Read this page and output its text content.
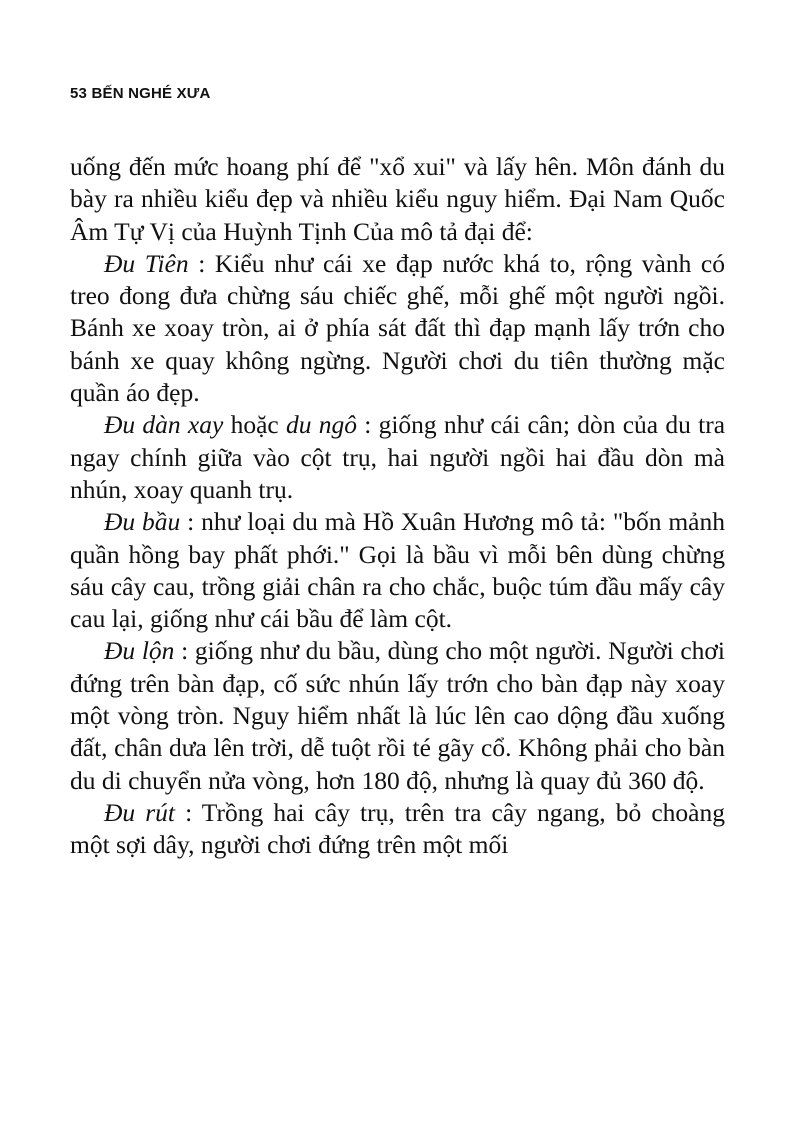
53 BẾN NGHÉ XƯA

uống đến mức hoang phí để "xổ xui" và lấy hên. Môn đánh du bày ra nhiều kiểu đẹp và nhiều kiểu nguy hiểm. Đại Nam Quốc Âm Tự Vị của Huỳnh Tịnh Của mô tả đại để:

Đu Tiên : Kiểu như cái xe đạp nước khá to, rộng vành có treo đong đưa chừng sáu chiếc ghế, mỗi ghế một người ngồi. Bánh xe xoay tròn, ai ở phía sát đất thì đạp mạnh lấy trớn cho bánh xe quay không ngừng. Người chơi du tiên thường mặc quần áo đẹp.

Đu dàn xay hoặc du ngô : giống như cái cân; dòn của du tra ngay chính giữa vào cột trụ, hai người ngồi hai đầu dòn mà nhún, xoay quanh trụ.

Đu bầu : như loại du mà Hồ Xuân Hương mô tả: "bốn mảnh quần hồng bay phất phới." Gọi là bầu vì mỗi bên dùng chừng sáu cây cau, trồng giải chân ra cho chắc, buộc túm đầu mấy cây cau lại, giống như cái bầu để làm cột.

Đu lộn : giống như du bầu, dùng cho một người. Người chơi đứng trên bàn đạp, cố sức nhún lấy trớn cho bàn đạp này xoay một vòng tròn. Nguy hiểm nhất là lúc lên cao dộng đầu xuống đất, chân dưa lên trời, dễ tuột rồi té gãy cổ. Không phải cho bàn du di chuyển nửa vòng, hơn 180 độ, nhưng là quay đủ 360 độ.

Đu rút : Trồng hai cây trụ, trên tra cây ngang, bỏ choàng một sợi dây, người chơi đứng trên một mối
